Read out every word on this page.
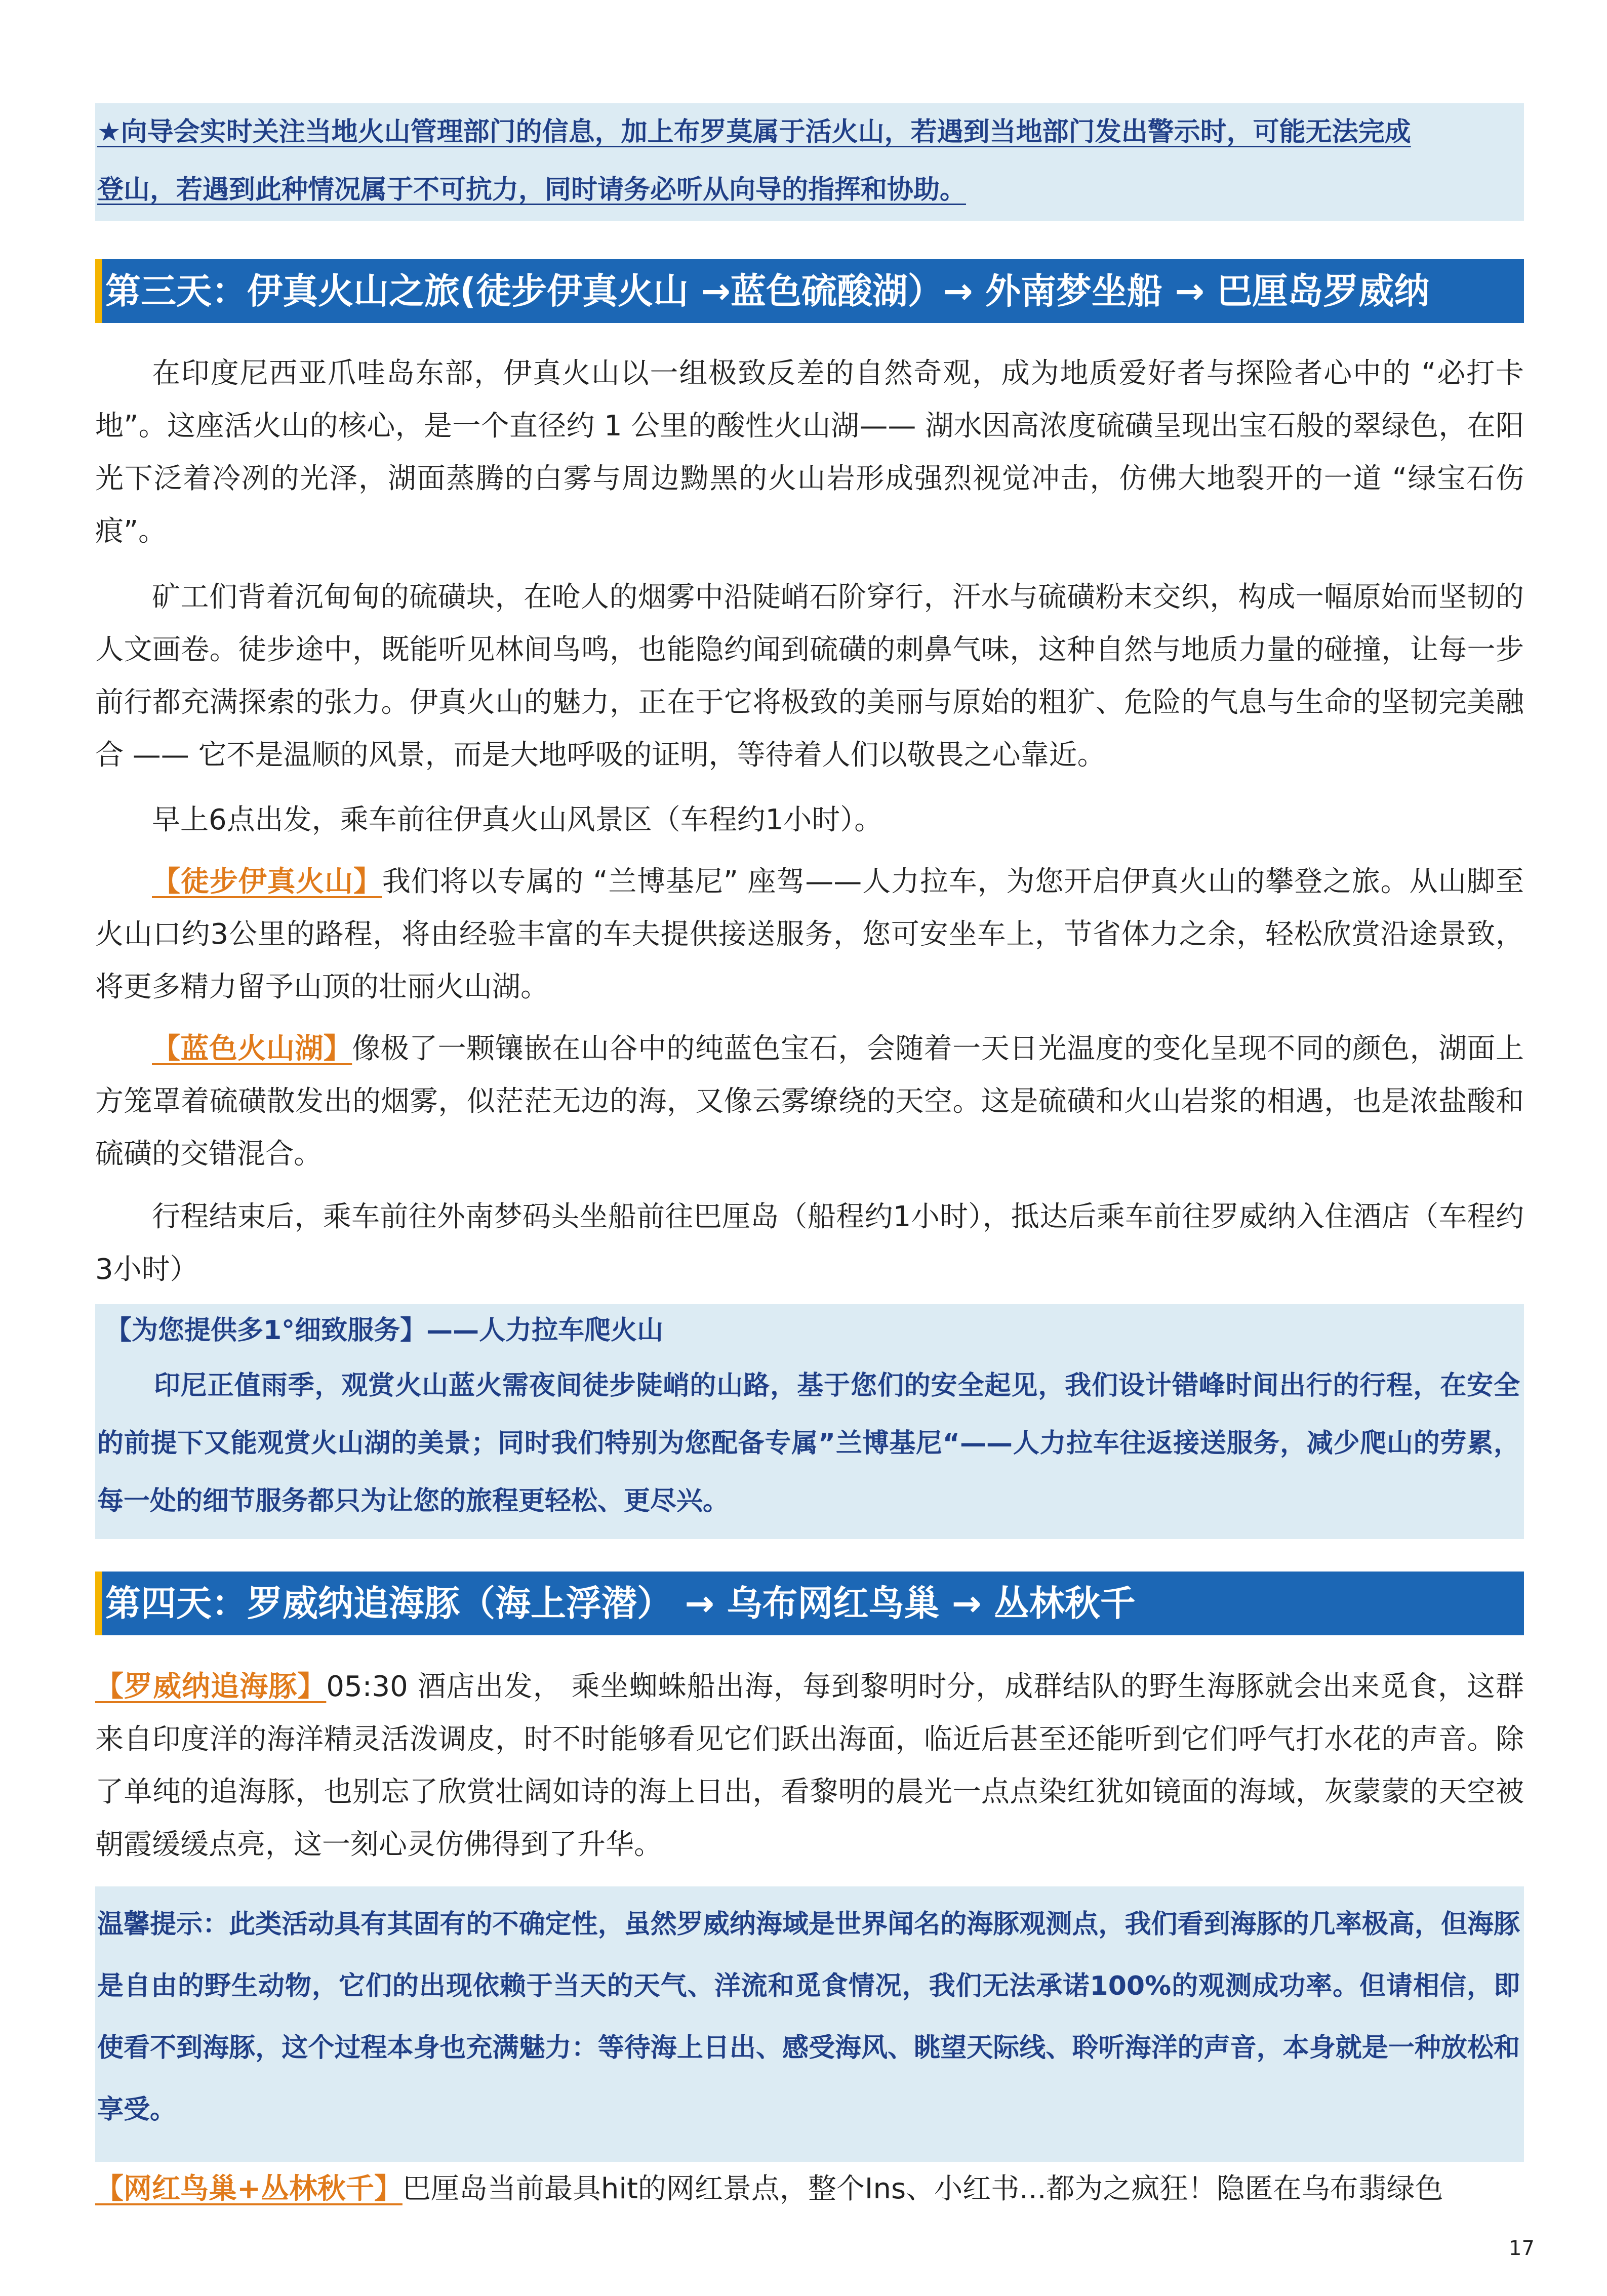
★向导会实时关注当地火山管理部门的信息，加上布罗莫属于活火山，若遇到当地部门发出警示时，可能无法完成

登山，若遇到此种情况属于不可抗力，同时请务必听从向导的指挥和协助。

第三天：伊真火山之旅(徒步伊真火山 →蓝色硫酸湖）→ 外南梦坐船 → 巴厘岛罗威纳

在印度尼西亚爪哇岛东部，伊真火山以一组极致反差的自然奇观，成为地质爱好者与探险者心中的 “必打卡地”。这座活火山的核心，是一个直径约 1 公里的酸性火山湖—— 湖水因高浓度硫磺呈现出宝石般的翠绿色，在阳光下泛着冷冽的光泽，湖面蒸腾的白雾与周边黝黑的火山岩形成强烈视觉冲击，仿佛大地裂开的一道 “绿宝石伤痕”。

矿工们背着沉甸甸的硫磺块，在呛人的烟雾中沿陡峭石阶穿行，汗水与硫磺粉末交织，构成一幅原始而坚韧的人文画卷。徒步途中，既能听见林间鸟鸣，也能隐约闻到硫磺的刺鼻气味，这种自然与地质力量的碰撞，让每一步前行都充满探索的张力。伊真火山的魅力，正在于它将极致的美丽与原始的粗犷、危险的气息与生命的坚韧完美融合 —— 它不是温顺的风景，而是大地呼吸的证明，等待着人们以敬畏之心靠近。

早上6点出发，乘车前往伊真火山风景区（车程约1小时）。

【徒步伊真火山】我们将以专属的 “兰博基尼” 座驾——人力拉车，为您开启伊真火山的攀登之旅。从山脚至火山口约3公里的路程，将由经验丰富的车夫提供接送服务，您可安坐车上，节省体力之余，轻松欣赏沿途景致，将更多精力留予山顶的壮丽火山湖。

【蓝色火山湖】像极了一颗镶嵌在山谷中的纯蓝色宝石，会随着一天日光温度的变化呈现不同的颜色，湖面上方笼罩着硫磺散发出的烟雾，似茫茫无边的海，又像云雾缭绕的天空。这是硫磺和火山岩浆的相遇，也是浓盐酸和硫磺的交错混合。

行程结束后，乘车前往外南梦码头坐船前往巴厘岛（船程约1小时），抵达后乘车前往罗威纳入住酒店（车程约3小时）

【为您提供多1°细致服务】——人力拉车爬火山

印尼正值雨季，观赏火山蓝火需夜间徒步陡峭的山路，基于您们的安全起见，我们设计错峰时间出行的行程，在安全的前提下又能观赏火山湖的美景；同时我们特别为您配备专属”兰博基尼“——人力拉车往返接送服务，减少爬山的劳累，每一处的细节服务都只为让您的旅程更轻松、更尽兴。

第四天：罗威纳追海豚（海上浮潜） → 乌布网红鸟巢 → 丛林秋千

【罗威纳追海豚】05:30 酒店出发， 乘坐蜘蛛船出海，每到黎明时分，成群结队的野生海豚就会出来觅食，这群来自印度洋的海洋精灵活泼调皮，时不时能够看见它们跃出海面，临近后甚至还能听到它们呼气打水花的声音。除了单纯的追海豚，也别忘了欣赏壮阔如诗的海上日出，看黎明的晨光一点点染红犹如镜面的海域，灰蒙蒙的天空被朝霞缓缓点亮，这一刻心灵仿佛得到了升华。

温馨提示：此类活动具有其固有的不确定性，虽然罗威纳海域是世界闻名的海豚观测点，我们看到海豚的几率极高，但海豚是自由的野生动物，它们的出现依赖于当天的天气、洋流和觅食情况，我们无法承诺100%的观测成功率。但请相信，即使看不到海豚，这个过程本身也充满魅力：等待海上日出、感受海风、眺望天际线、聆听海洋的声音，本身就是一种放松和享受。

【网红鸟巢+丛林秋千】巴厘岛当前最具hit的网红景点，整个Ins、小红书...都为之疯狂！隐匿在乌布翡绿色

17
